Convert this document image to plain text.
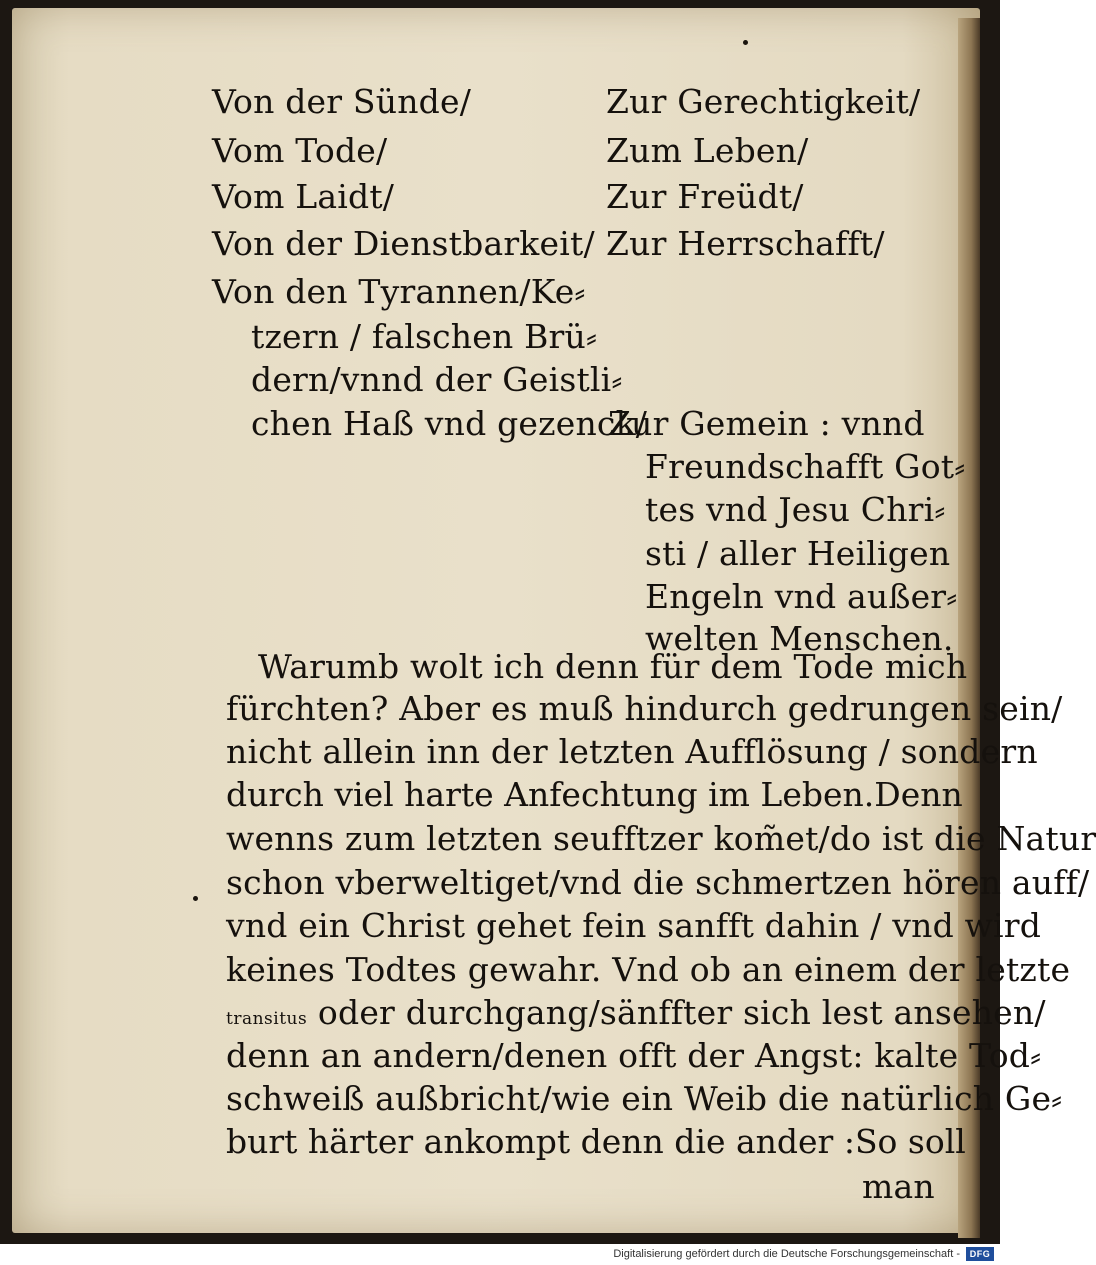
Von der Sünde/
Vom Tode/
Vom Laidt/
Von der Dienstbarkeit/
Von den Tyrannen/Ke⸗
tzern / falschen Brü⸗
dern/vnnd der Geistli⸗
chen Haß vnd gezenck/
Zur Gerechtigkeit/
Zum Leben/
Zur Freüdt/
Zur Herrschafft/
Zur Gemein : vnnd
Freundschafft Got⸗
tes vnd Jesu Chri⸗
sti / aller Heiligen
Engeln vnd außer⸗
welten Menschen.
Warumb wolt ich denn für dem Tode mich
fürchten? Aber es muß hindurch gedrungen sein/
nicht allein inn der letzten Aufflösung / sondern
durch viel harte Anfechtung im Leben. Denn
wenns zum letzten seufftzer kom̃et/do ist die Natur
schon vberweltiget/vnd die schmertzen hören auff/
vnd ein Christ gehet fein sanfft dahin / vnd wird
keines Todtes gewahr. Vnd ob an einem der letzte
transitus oder durchgang/sänffter sich lest ansehen/
denn an andern/denen offt der Angst: kalte Tod⸗
schweiß außbricht/wie ein Weib die natürlich Ge⸗
burt härter ankompt denn die ander : So soll
man
Digitalisierung gefördert durch die Deutsche Forschungsgemeinschaft -	DFG
